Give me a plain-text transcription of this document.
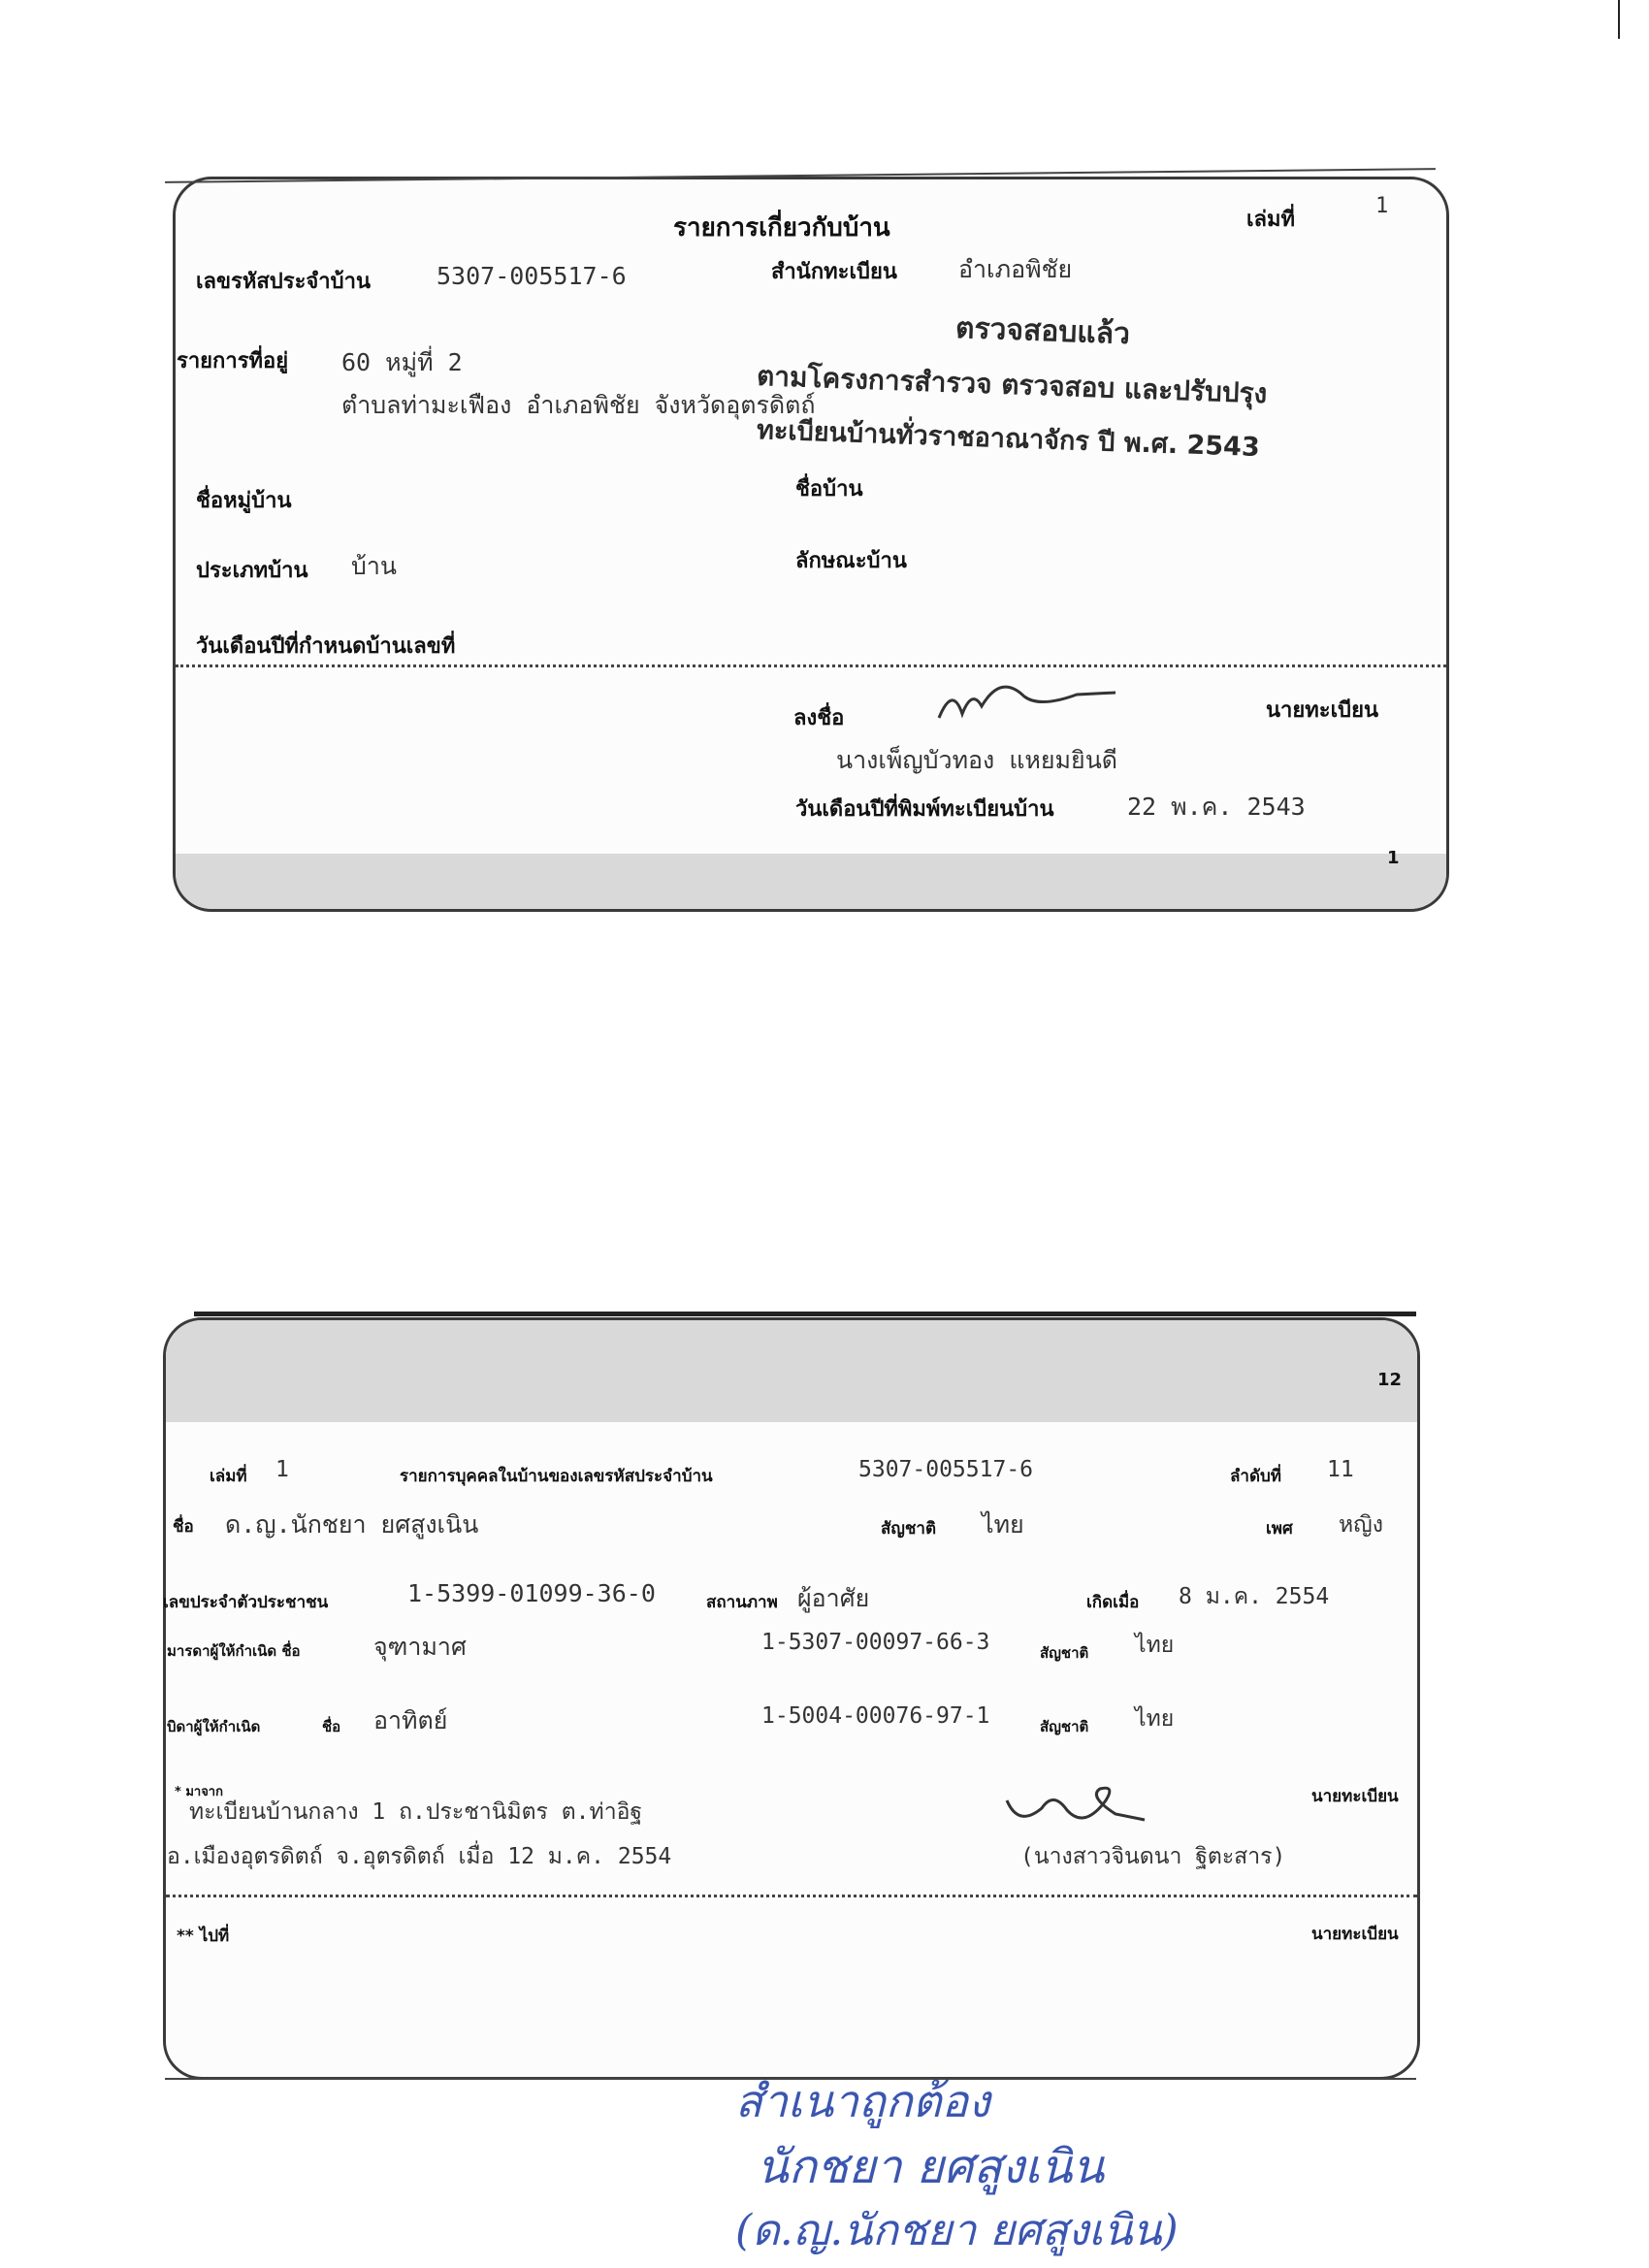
รายการเกี่ยวกับบ้าน	เล่มที่
1
เลขรหัสประจำบ้าน	5307-005517-6	สำนักทะเบียน	อำเภอพิชัย
รายการที่อยู่ 60 หมู่ที่ 2
ตำบลท่ามะเฟือง อำเภอพิชัย จังหวัดอุตรดิตถ์
ตรวจสอบแล้ว
ตามโครงการสำรวจ ตรวจสอบ และปรับปรุง
ทะเบียนบ้านทั่วราชอาณาจักร ปี พ.ศ. 2543
ชื่อหมู่บ้าน	ชื่อบ้าน
ประเภทบ้าน บ้าน	ลักษณะบ้าน
วันเดือนปีที่กำหนดบ้านเลขที่
ลงชื่อ	นายทะเบียน
นางเพ็ญบัวทอง แหยมยินดี
วันเดือนปีที่พิมพ์ทะเบียนบ้าน	22 พ.ค. 2543
1
12
เล่มที่ 1	รายการบุคคลในบ้านของเลขรหัสประจำบ้าน	5307-005517-6	ลำดับที่ 11
ชื่อ ด.ญ.นักชยา ยศสูงเนิน	สัญชาติ ไทย	เพศ หญิง
เลขประจำตัวประชาชน	1-5399-01099-36-0	สถานภาพ ผู้อาศัย	เกิดเมื่อ 8 ม.ค. 2554
มารดาผู้ให้กำเนิด ชื่อ	จุฑามาศ	1-5307-00097-66-3	สัญชาติ ไทย
บิดาผู้ให้กำเนิด	ชื่อ อาทิตย์	1-5004-00076-97-1	สัญชาติ ไทย
* มาจาก
ทะเบียนบ้านกลาง 1 ถ.ประชานิมิตร ต.ท่าอิฐ
อ.เมืองอุตรดิตถ์ จ.อุตรดิตถ์ เมื่อ 12 ม.ค. 2554
นายทะเบียน
(นางสาวจินดนา ฐิตะสาร)
** ไปที่	นายทะเบียน
สำเนาถูกต้อง
นักชยา ยศสูงเนิน
(ด.ญ.นักชยา ยศสูงเนิน)
